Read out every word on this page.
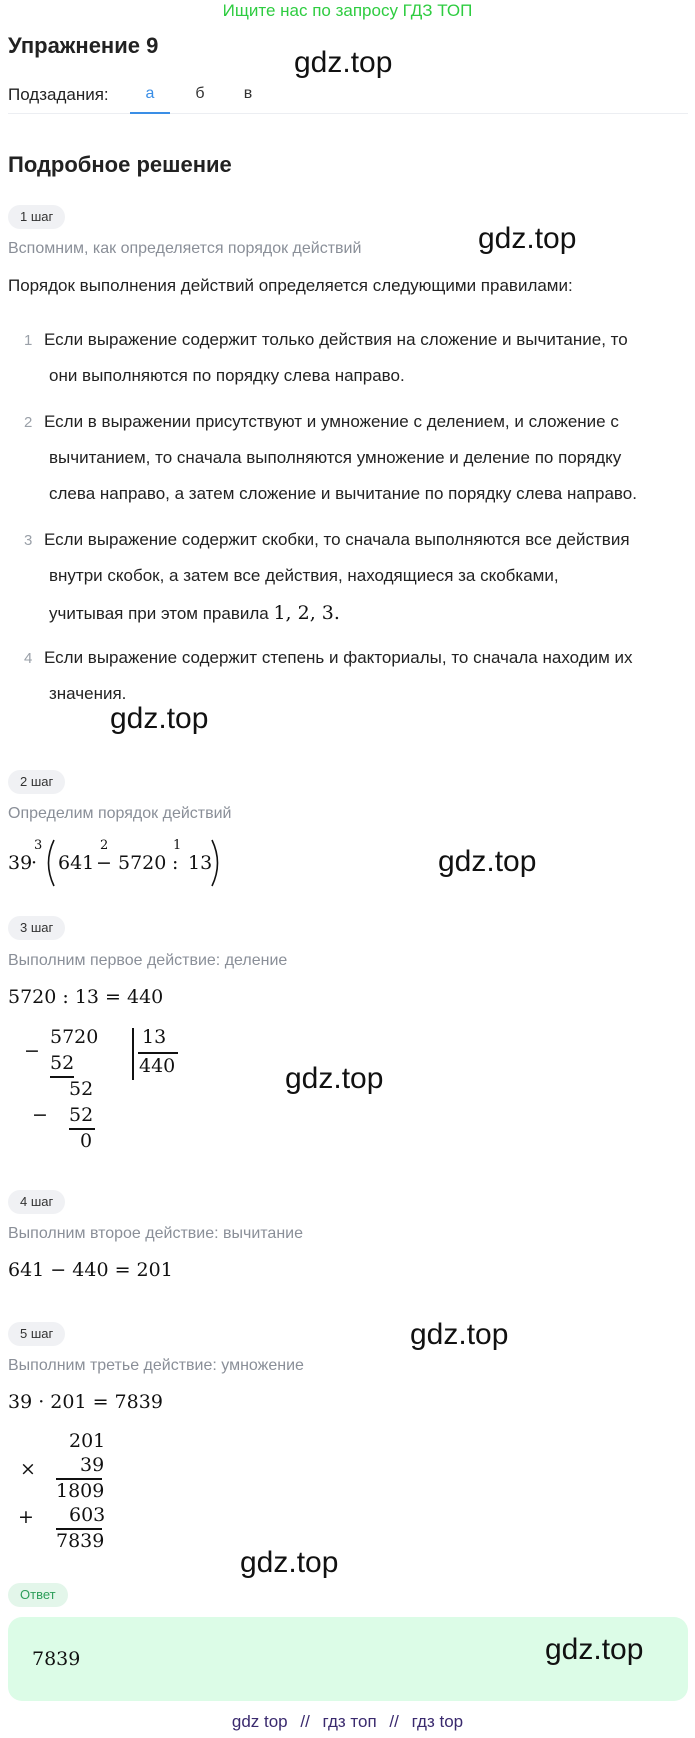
Ищите нас по запросу ГДЗ ТОП
Упражнение 9
gdz.top
Подзадания:	а	б	в
Подробное решение
1 шаг
Вспомним, как определяется порядок действий	gdz.top
Порядок выполнения действий определяется следующими правилами:
1 Если выражение содержит только действия на сложение и вычитание, то
они выполняются по порядку слева направо.
2 Если в выражении присутствуют и умножение с делением, и сложение с
вычитанием, то сначала выполняются умножение и деление по порядку
слева направо, а затем сложение и вычитание по порядку слева направо.
3 Если выражение содержит скобки, то сначала выполняются все действия
внутри скобок, а затем все действия, находящиеся за скобками,
учитывая при этом правила 1, 2, 3.
4 Если выражение содержит степень и факториалы, то сначала находим их
значения.
gdz.top
2 шаг
Определим порядок действий
39
·
3
641 −
2
5720 :
1
13	gdz.top
3 шаг
Выполним первое действие: деление
5720 : 13 = 440
−
5720
52
52
− 52
0
13
440	gdz.top
4 шаг
Выполним второе действие: вычитание
641 − 440 = 201
5 шаг	gdz.top
Выполним третье действие: умножение
39 · 201 = 7839
201
× 39
1809
+ 603
7839
gdz.top
Ответ
7839	gdz.top
gdz top // гдз топ // гдз top
